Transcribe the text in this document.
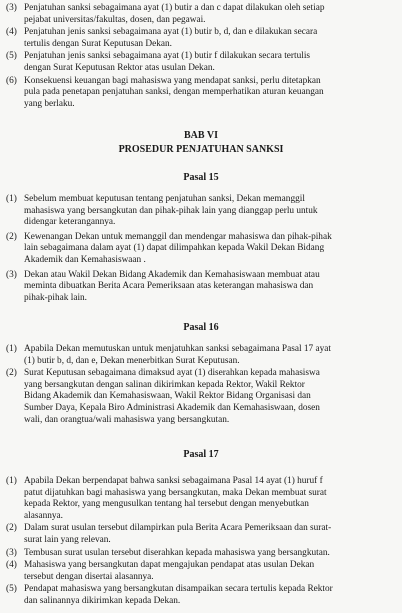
(3) Penjatuhan sanksi sebagaimana ayat (1) butir a dan c dapat dilakukan oleh setiap
pejabat universitas/fakultas, dosen, dan pegawai.
(4) Penjatuhan jenis sanksi sebagaimana ayat (1) butir b, d, dan e dilakukan secara
tertulis dengan Surat Keputusan Dekan.
(5) Penjatuhan jenis sanksi sebagaimana ayat (1) butir f dilakukan secara tertulis
dengan Surat Keputusan Rektor atas usulan Dekan.
(6) Konsekuensi keuangan bagi mahasiswa yang mendapat sanksi, perlu ditetapkan
pula pada penetapan penjatuhan sanksi, dengan memperhatikan aturan keuangan
yang berlaku.
BAB VI
PROSEDUR PENJATUHAN SANKSI
Pasal 15
(1) Sebelum membuat keputusan tentang penjatuhan sanksi, Dekan memanggil
mahasiswa yang bersangkutan dan pihak-pihak lain yang dianggap perlu untuk
didengar keterangannya.
(2) Kewenangan Dekan untuk memanggil dan mendengar mahasiswa dan pihak-pihak
lain sebagaimana dalam ayat (1) dapat dilimpahkan kepada Wakil Dekan Bidang
Akademik dan Kemahasiswaan .
(3) Dekan atau Wakil Dekan Bidang Akademik dan Kemahasiswaan membuat atau
meminta dibuatkan Berita Acara Pemeriksaan atas keterangan mahasiswa dan
pihak-pihak lain.
Pasal 16
(1) Apabila Dekan memutuskan untuk menjatuhkan sanksi sebagaimana Pasal 17 ayat
(1) butir b, d, dan e, Dekan menerbitkan Surat Keputusan.
(2) Surat Keputusan sebagaimana dimaksud ayat (1) diserahkan kepada mahasiswa
yang bersangkutan dengan salinan dikirimkan kepada Rektor, Wakil Rektor
Bidang Akademik dan Kemahasiswaan, Wakil Rektor Bidang Organisasi dan
Sumber Daya, Kepala Biro Administrasi Akademik dan Kemahasiswaan, dosen
wali, dan orangtua/wali mahasiswa yang bersangkutan.
Pasal 17
(1) Apabila Dekan berpendapat bahwa sanksi sebagaimana Pasal 14 ayat (1) huruf f
patut dijatuhkan bagi mahasiswa yang bersangkutan, maka Dekan membuat surat
kepada Rektor, yang mengusulkan tentang hal tersebut dengan menyebutkan
alasannya.
(2) Dalam surat usulan tersebut dilampirkan pula Berita Acara Pemeriksaan dan surat-
surat lain yang relevan.
(3) Tembusan surat usulan tersebut diserahkan kepada mahasiswa yang bersangkutan.
(4) Mahasiswa yang bersangkutan dapat mengajukan pendapat atas usulan Dekan
tersebut dengan disertai alasannya.
(5) Pendapat mahasiswa yang bersangkutan disampaikan secara tertulis kepada Rektor
dan salinannya dikirimkan kepada Dekan.
